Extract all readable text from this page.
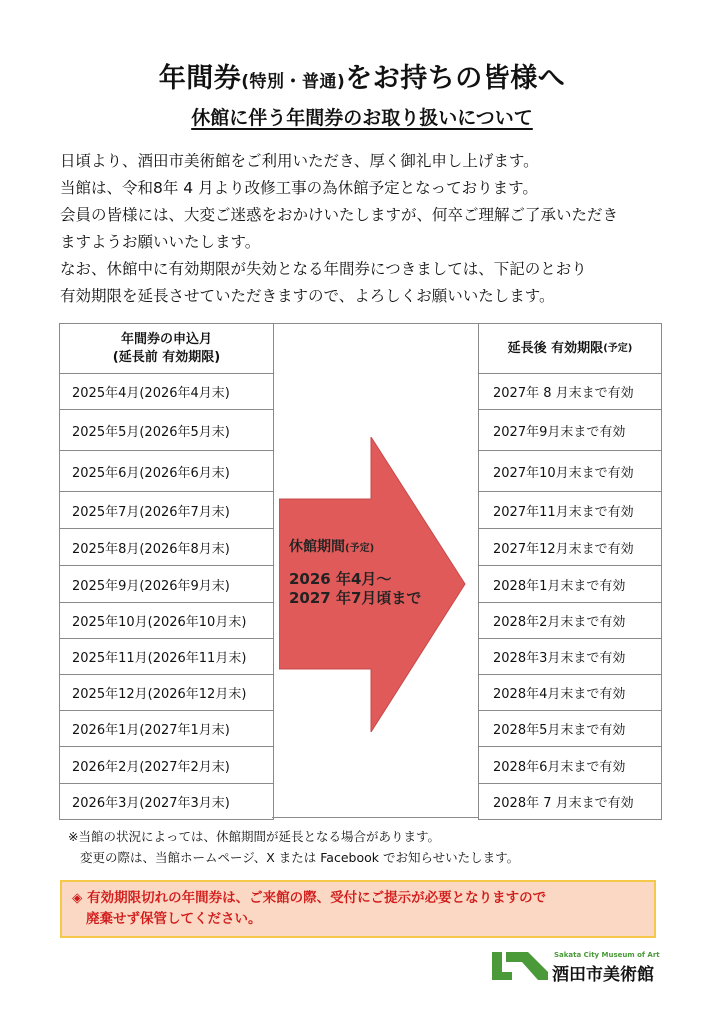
年間券(特別・普通)をお持ちの皆様へ
休館に伴う年間券のお取り扱いについて

日頃より、酒田市美術館をご利用いただき、厚く御礼申し上げます。

当館は、令和8年 4 月より改修工事の為休館予定となっております。

会員の皆様には、大変ご迷惑をおかけいたしますが、何卒ご理解ご了承いただき

ますようお願いいたします。

なお、休館中に有効期限が失効となる年間券につきましては、下記のとおり

有効期限を延長させていただきますので、よろしくお願いいたします。

年間券の申込月
(延長前 有効期限)
2025年4月(2026年4月末)
2025年5月(2026年5月末)
2025年6月(2026年6月末)
2025年7月(2026年7月末)
2025年8月(2026年8月末)
2025年9月(2026年9月末)
2025年10月(2026年10月末)
2025年11月(2026年11月末)
2025年12月(2026年12月末)
2026年1月(2027年1月末)
2026年2月(2027年2月末)
2026年3月(2027年3月末)
休館期間(予定)
2026 年4月～
2027 年7月頃まで
延長後 有効期限 (予定)
2027年 8 月末まで有効
2027年9月末まで有効
2027年10月末まで有効
2027年11月末まで有効
2027年12月末まで有効
2028年1月末まで有効
2028年2月末まで有効
2028年3月末まで有効
2028年4月末まで有効
2028年5月末まで有効
2028年6月末まで有効
2028年 7 月末まで有効
※当館の状況によっては、休館期間が延長となる場合があります。
変更の際は、当館ホームページ、X または Facebook でお知らせいたします。
◈ 有効期限切れの年間券は、ご来館の際、受付にご提示が必要となりますので
廃棄せず保管してください。
Sakata City Museum of Art
酒田市美術館
